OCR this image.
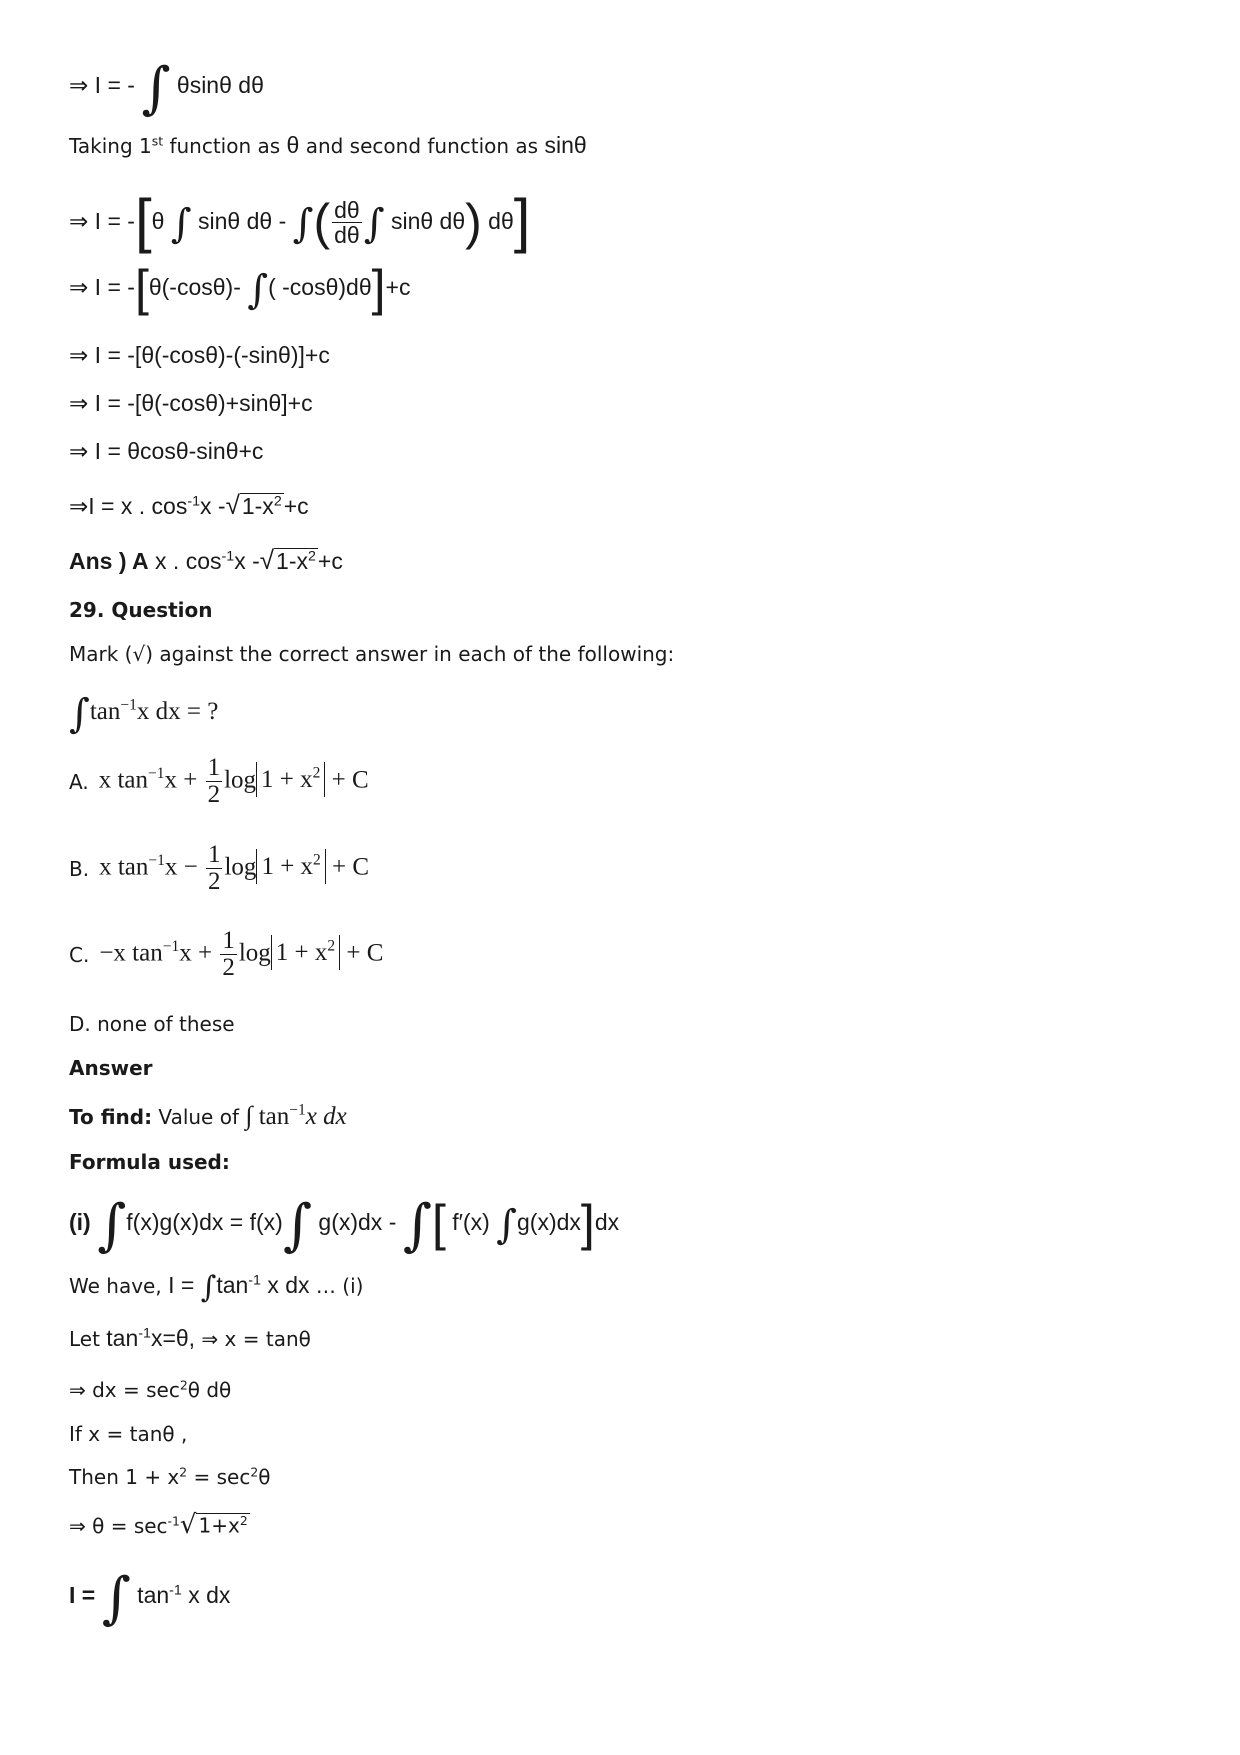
⇒ I = - ∫ θsinθ dθ
Taking 1st function as θ and second function as sinθ
⇒ I = -[θ ∫ sinθ dθ - ∫( $\frac{d\theta}{d\theta}$ ∫ sinθ dθ) dθ]
⇒ I = -[θ(-cosθ)- ∫( -cosθ)dθ]+c
⇒ I = -[θ(-cosθ)-(-sinθ)]+c
⇒ I = -[θ(-cosθ)+sinθ]+c
⇒ I = θcosθ-sinθ+c
⇒I = x . $\cos^{-1}x$ $-√1-x^2+c$
Ans ) A x . $\cos^{-1}x$ $-√1-x^2+c$
29. Question
Mark (√) against the correct answer in each of the following:
$\int\tan^{-1}x$ dx = ?
A. x $\tan^{-1}x + \frac{1}{2}$ $\log 1 + x^2 + C$
B. x $\tan^{-1}x - \frac{1}{2}$ $\log 1 + x^2 + C$
C. −x $\tan^{-1}x + \frac{1}{2}$ $\log 1 + x^2 + C$
D. none of these
Answer
To find: Value of ∫ $\tan^{-1}x$ dx
Formula used:
(i) ∫f(x)g(x)dx = f(x)∫ g(x)dx - ∫[ f′(x) ∫g(x)dx]dx
We have, $I = \int\tan^{-1}$ x dx … (i)
Let $\tan^{-1}x=\theta$, ⇒ x = tanθ
⇒ dx = $\sec^2\theta$ dθ
If x = tanθ ,
Then $1 + x^2 = \sec^2\theta$
⇒ $\theta = \sec^{-1}√$ $1+x^2$
I = ∫ $\tan^{-1} x$ dx
